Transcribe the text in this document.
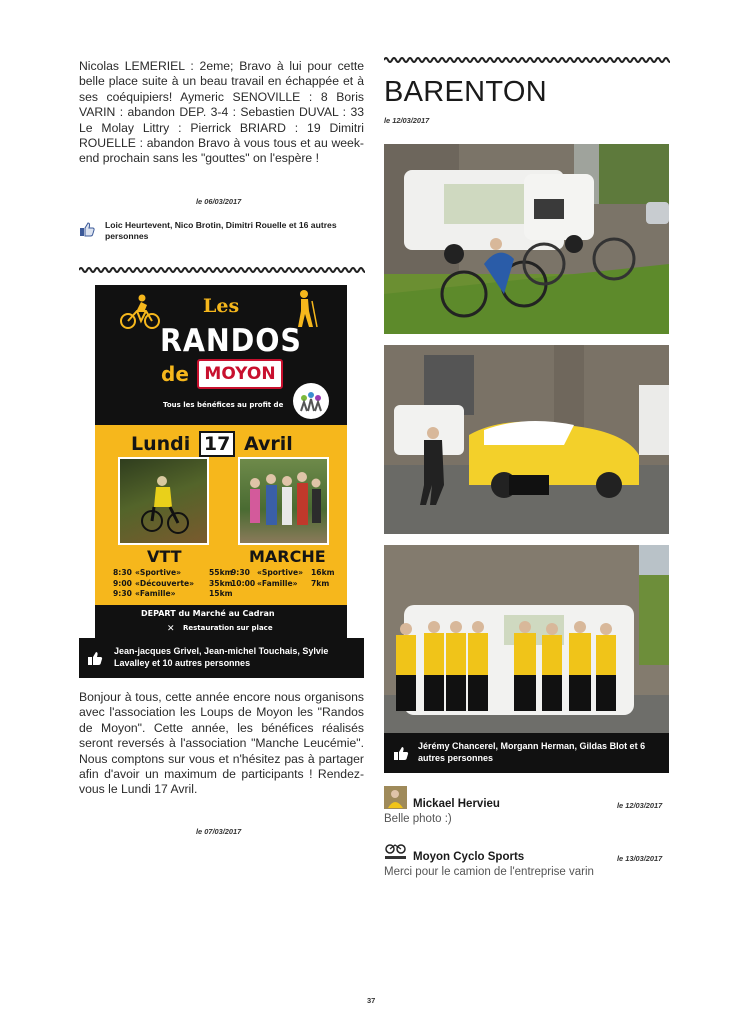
Nicolas LEMERIEL : 2eme; Bravo à lui pour cette belle place suite à un beau travail en échappée et à ses coéquipiers! Aymeric SENOVILLE : 8 Boris VARIN : abandon DEP. 3-4 : Sebastien DUVAL : 33 Le Molay Littry : Pierrick BRIARD : 19 Dimitri ROUELLE : abandon Bravo à vous tous et au week-end prochain sans les "gouttes" on l'espère !
le 06/03/2017
Loic Heurtevent, Nico Brotin, Dimitri Rouelle et 16 autres personnes
Les
RANDOS
de MOYON
Tous les bénéfices au profit de
Lundi 17 Avril
VTT	MARCHE
8:30 «Sportive»	55km
9:00 «Découverte»	35km
9:30 «Famille»	15km
9:30 «Sportive»	16km
10:00 «Famille»	7km
DEPART du Marché au Cadran
✕ Restauration sur place
Jean-jacques Grivel, Jean-michel Touchais, Sylvie Lavalley et 10 autres personnes
Bonjour à tous, cette année encore nous organisons avec l'association les Loups de Moyon les "Randos de Moyon". Cette année, les bénéfices réalisés seront reversés à l'association "Manche Leucémie". Nous comptons sur vous et n'hésitez pas à partager afin d'avoir un maximum de participants ! Rendez-vous le Lundi 17 Avril.
le 07/03/2017
BARENTON
le 12/03/2017
Jérémy Chancerel, Morgann Herman, Gildas Blot et 6 autres personnes
Mickael Hervieu	le 12/03/2017
Belle photo :)
Moyon Cyclo Sports	le 13/03/2017
Merci pour le camion de l'entreprise varin
37
